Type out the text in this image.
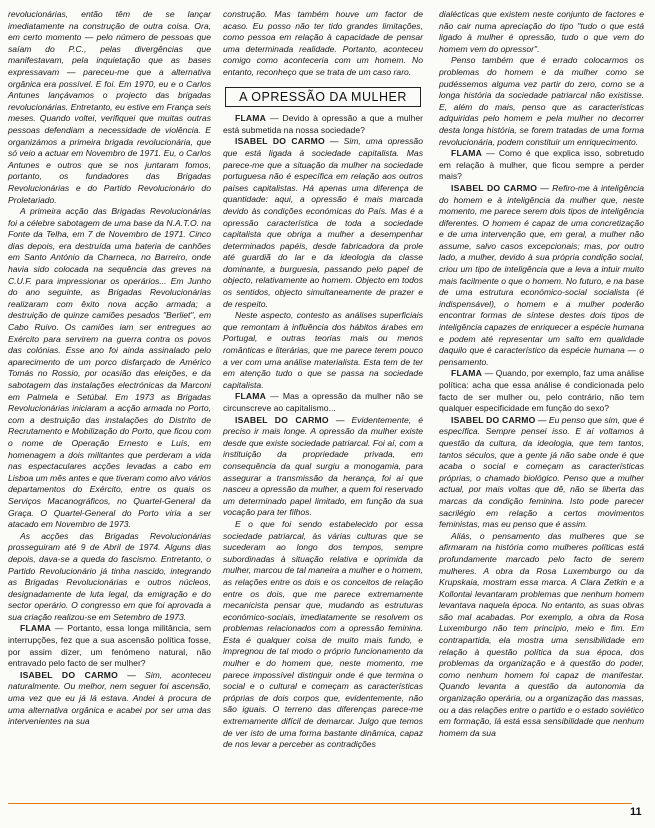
revolucionárias, então têm de se lançar imediatamente na construção de outra coisa. Ora, em certo momento — pelo número de pessoas que saíam do P.C., pelas divergências que manifestavam, pela inquietação que as bases expressavam — pareceu-me que a alternativa orgânica era possível. E foi. Em 1970, eu e o Carlos Antunes lançávamos o projecto das brigadas revolucionárias. Entretanto, eu estive em França seis meses. Quando voltei, verifiquei que muitas outras pessoas defendiam a necessidade de violência. E organizámos a primeira brigada revolucionária, que só veio a actuar em Novembro de 1971. Eu, o Carlos Antunes e outros que se nos juntaram fomos, portanto, os fundadores das Brigadas Revolucionárias e do Partido Revolucionário do Proletariado.

A primeira acção das Brigadas Revolucionárias foi a célebre sabotagem de uma base da N.A.T.O. na Fonte da Telha, em 7 de Novembro de 1971. Cinco dias depois, era destruída uma bateria de canhões em Santo António da Charneca, no Barreiro, onde havia sido colocada na sequência das greves na C.U.F. para impressionar os operários... Em Junho do ano seguinte, as Brigadas Revolucionárias realizaram com êxito nova acção armada; a destruição de quinze camiões pesados "Berliet", em Cabo Ruivo. Os camiões iam ser entregues ao Exército para servirem na guerra contra os povos das colónias. Esse ano foi ainda assinalado pelo aparecimento de um porco disfarçado de Américo Tomás no Rossio, por ocasião das eleições, e da sabotagem das instalações electrónicas da Marconi em Palmela e Setúbal. Em 1973 as Brigadas Revolucionárias iniciaram a acção armada no Porto, com a destruição das instalações do Distrito de Recrutamento e Mobilização do Porto, que ficou com o nome de Operação Ernesto e Luís, em homenagem a dois militantes que perderam a vida nas espectaculares acções levadas a cabo em Lisboa um mês antes e que tiveram como alvo vários departamentos do Exército, entre os quais os Serviços Macanográficos, no Quartel-General da Graça. O Quartel-General do Porto viria a ser atacado em Novembro de 1973.

As acções das Brigadas Revolucionárias prosseguiram até 9 de Abril de 1974. Alguns dias depois, dava-se a queda do fascismo. Entretanto, o Partido Revolucionário já tinha nascido, integrando as Brigadas Revolucionárias e outros núcleos, designadamente de luta legal, da emigração e do sector operário. O congresso em que foi aprovada a sua criação realizou-se em Setembro de 1973.

FLAMA — Portanto, essa longa militância, sem interrupções, fez que a sua ascensão política fosse, por assim dizer, um fenómeno natural, não entravado pelo facto de ser mulher?

ISABEL DO CARMO — Sim, aconteceu naturalmente. Ou melhor, nem seguer foi ascensão, uma vez que eu já lá estava. Andei à procura de uma alternativa orgânica e acabei por ser uma das intervenientes na sua

construção. Mas também houve um factor de acaso. Eu posso não ter tido grandes limitações, como pessoa em relação à capacidade de pensar uma determinada realidade. Portanto, aconteceu comigo como aconteceria com um homem. No entanto, reconheço que se trata de um caso raro.

A OPRESSÃO DA MULHER

FLAMA — Devido à opressão a que a mulher está submetida na nossa sociedade?

ISABEL DO CARMO — Sim, uma opressão que está ligada à sociedade capitalista. Mas parece-me que a situação da mulher na sociedade portuguesa não é específica em relação aos outros países capitalistas. Há apenas uma diferença de quantidade: aqui, a opressão é mais marcada devido às condições económicas do País. Mas é a opressão característica de toda a sociedade capitalista que obriga a mulher a desempenhar determinados papéis, desde fabricadora da prole até guardiã do lar e da ideologia da classe dominante, a burguesia, passando pelo papel de objecto, relativamente ao homem. Objecto em todos os sentidos, objecto simultaneamente de prazer e de respeito.

Neste aspecto, contesto as análises superficiais que remontam à influência dos hábitos árabes em Portugal, e outras teorias mais ou menos românticas e literárias, que me parece terem pouco a ver com uma análise materialista. Esta tem de ter em atenção tudo o que se passa na sociedade capitalista.

FLAMA — Mas a opressão da mulher não se circunscreve ao capitalismo...

ISABEL DO CARMO — Evidentemente, é preciso ir mais longe. A opressão da mulher existe desde que existe sociedade patriarcal. Foi aí, com a instituição da propriedade privada, em consequência da qual surgiu a monogamia, para assegurar a transmissão da herança, foi aí que nasceu a opressão da mulher, a quem foi reservado um determinado papel limitado, em função da sua vocação para ter filhos.

E o que foi sendo estabelecido por essa sociedade patriarcal, às várias culturas que se sucederam ao longo dos tempos, sempre subordinadas à situação relativa e oprimida da mulher, marcou de tal maneira a mulher e o homem, as relações entre os dois e os conceitos de relação entre os dois, que me parece extremamente mecanicista pensar que, mudando as estruturas económico-sociais, imediatamente se resolvem os problemas relacionados com a opressão feminina. Esta é qualquer coisa de muito mais fundo, e impregnou de tal modo o próprio funcionamento da mulher e do homem que, neste momento, me parece impossível distinguir onde é que termina o social e o cultural e começam as características próprias de dois corpos que, evidentemente, não são iguais. O terreno das diferenças parece-me extremamente difícil de demarcar. Julgo que temos de ver isto de uma forma bastante dinâmica, capaz de nos levar a perceber as contradições

dialécticas que existem neste conjunto de factores e não cair numa apreciação do tipo "tudo o que está ligado à mulher é opressão, tudo o que vem do homem vem do opressor".

Penso também que é errado colocarmos os problemas do homem e da mulher como se pudéssemos alguma vez partir do zero, como se a longa história da sociedade patriarcal não existisse. E, além do mais, penso que as características adquiridas pelo homem e pela mulher no decorrer desta longa história, se forem tratadas de uma forma revolucionária, podem constituir um enriquecimento.

FLAMA — Como é que explica isso, sobretudo em relação à mulher, que ficou sempre a perder mais?

ISABEL DO CARMO — Refiro-me à inteligência do homem e à inteligência da mulher que, neste momento, me parece serem dois tipos de inteligência diferentes. O homem é capaz de uma concretização e de uma intervenção que, em geral, a mulher não assume, salvo casos excepcionais; mas, por outro lado, a mulher, devido à sua própria condição social, criou um tipo de inteligência que a leva a intuir muito mais facilmente o que o homem. No futuro, e na base de uma estrutura económico-social socialista (é indispensável), o homem e a mulher poderão encontrar formas de síntese destes dois tipos de inteligência capazes de enriquecer a espécie humana e podem até representar um salto em qualidade daquilo que é característico da espécie humana — o pensamento.

FLAMA — Quando, por exemplo, faz uma análise política: acha que essa análise é condicionada pelo facto de ser mulher ou, pelo contrário, não tem qualquer especificidade em função do sexo?

ISABEL DO CARMO — Eu penso que sim, que é específica. Sempre pensei isso. E aí voltamos à questão da cultura, da ideologia, que tem tantos, tantos séculos, que a gente já não sabe onde é que acaba o social e começam as características próprias, o chamado biológico. Penso que a mulher actual, por mais voltas que dê, não se liberta das marcas da condição feminina. Isto pode parecer sacrilégio em relação a certos movimentos feministas, mas eu penso que é assim.

Aliás, o pensamento das mulheres que se afirmaram na história como mulheres políticas está profundamente marcado pelo facto de serem mulheres. A obra da Rosa Luxemburgo ou da Krupskaia, mostram essa marca. A Clara Zetkin e a Kollontai levantaram problemas que nenhum homem levantava naquela época. No entanto, as suas obras são mal acabadas. Por exemplo, a obra da Rosa Luxemburgo não tem princípio, meio e fim. Em contrapartida, ela mostra uma sensibilidade em relação à questão política da sua época, dos problemas da organização e à questão do poder, como nenhum homem foi capaz de manifestar. Quando levanta a questão da autonomia da organização operária, ou a organização das massas, ou a das relações entre o partido e o estado soviético em formação, lá está essa sensibilidade que nenhum homem da sua

11
